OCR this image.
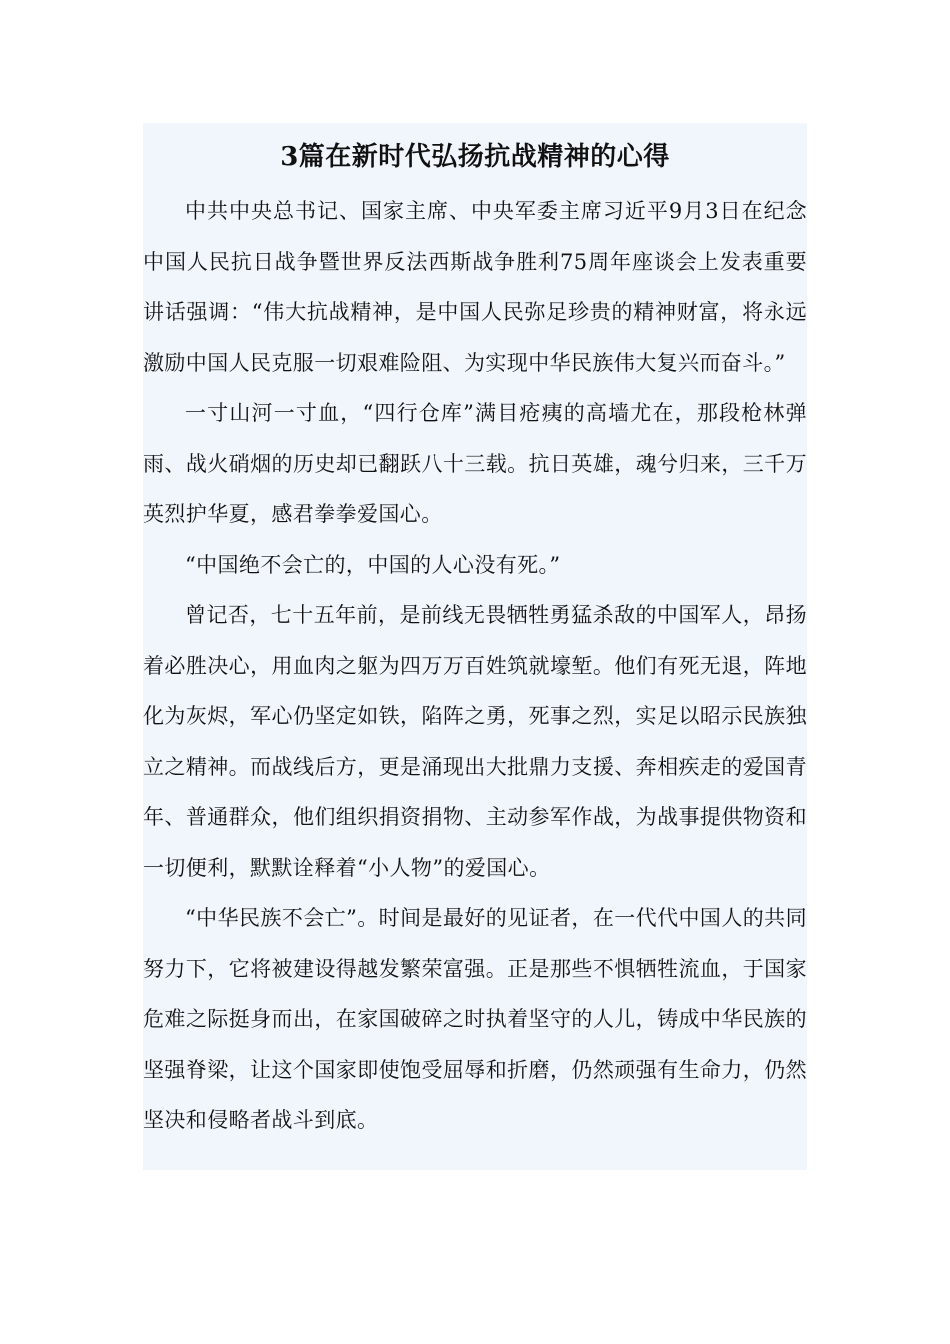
3篇在新时代弘扬抗战精神的心得

中共中央总书记、国家主席、中央军委主席习近平9月3日在纪念中国人民抗日战争暨世界反法西斯战争胜利75周年座谈会上发表重要讲话强调：“伟大抗战精神，是中国人民弥足珍贵的精神财富，将永远激励中国人民克服一切艰难险阻、为实现中华民族伟大复兴而奋斗。”

一寸山河一寸血，“四行仓库”满目疮痍的高墙尤在，那段枪林弹雨、战火硝烟的历史却已翻跃八十三载。抗日英雄，魂兮归来，三千万英烈护华夏，感君拳拳爱国心。

“中国绝不会亡的，中国的人心没有死。”

曾记否，七十五年前，是前线无畏牺牲勇猛杀敌的中国军人，昂扬着必胜决心，用血肉之躯为四万万百姓筑就壕堑。他们有死无退，阵地化为灰烬，军心仍坚定如铁，陷阵之勇，死事之烈，实足以昭示民族独立之精神。而战线后方，更是涌现出大批鼎力支援、奔相疾走的爱国青年、普通群众，他们组织捐资捐物、主动参军作战，为战事提供物资和一切便利，默默诠释着“小人物”的爱国心。

“中华民族不会亡”。时间是最好的见证者，在一代代中国人的共同努力下，它将被建设得越发繁荣富强。正是那些不惧牺牲流血，于国家危难之际挺身而出，在家国破碎之时执着坚守的人儿，铸成中华民族的坚强脊梁，让这个国家即使饱受屈辱和折磨，仍然顽强有生命力，仍然坚决和侵略者战斗到底。
